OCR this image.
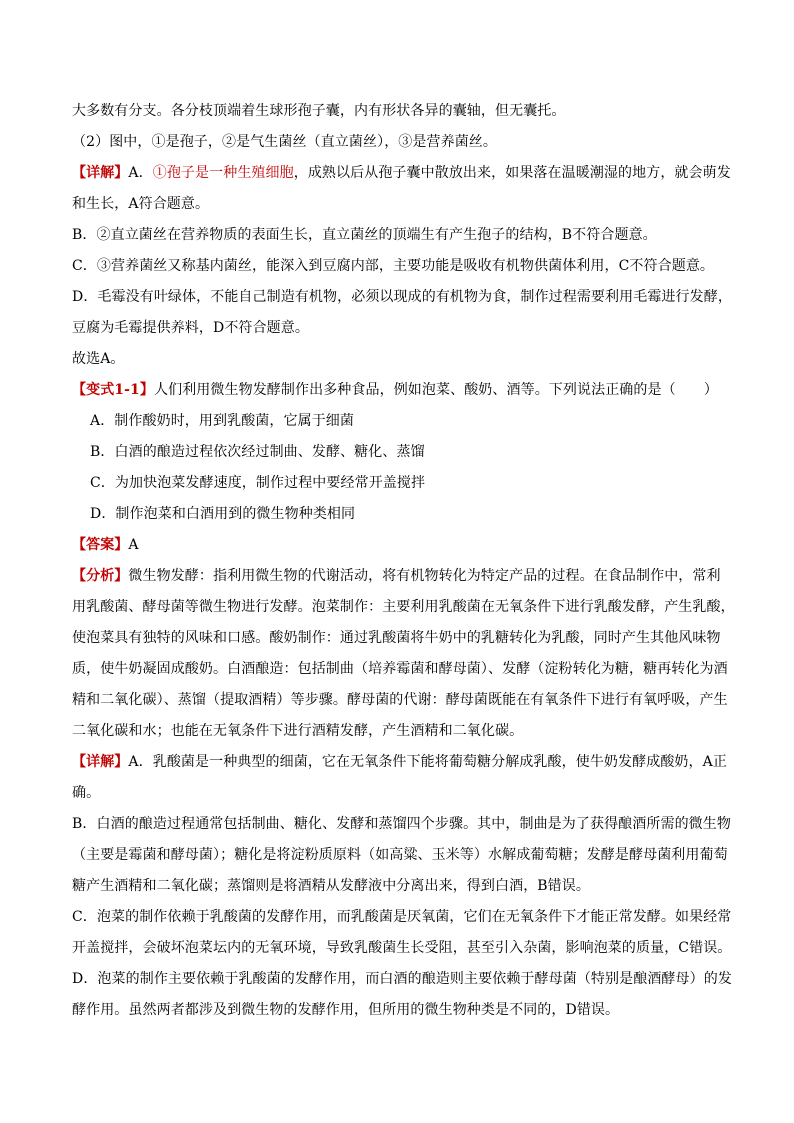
大多数有分支。各分枝顶端着生球形孢子囊，内有形状各异的囊轴，但无囊托。
（2）图中，①是孢子，②是气生菌丝（直立菌丝），③是营养菌丝。
【详解】A．①孢子是一种生殖细胞，成熟以后从孢子囊中散放出来，如果落在温暖潮湿的地方，就会萌发
和生长，A符合题意。
B．②直立菌丝在营养物质的表面生长，直立菌丝的顶端生有产生孢子的结构，B不符合题意。
C．③营养菌丝又称基内菌丝，能深入到豆腐内部，主要功能是吸收有机物供菌体利用，C不符合题意。
D．毛霉没有叶绿体，不能自己制造有机物，必须以现成的有机物为食，制作过程需要利用毛霉进行发酵，
豆腐为毛霉提供养料，D不符合题意。
故选A。
【变式1-1】人们利用微生物发酵制作出多种食品，例如泡菜、酸奶、酒等。下列说法正确的是（　　）
A．制作酸奶时，用到乳酸菌，它属于细菌
B．白酒的酿造过程依次经过制曲、发酵、糖化、蒸馏
C．为加快泡菜发酵速度，制作过程中要经常开盖搅拌
D．制作泡菜和白酒用到的微生物种类相同
【答案】A
【分析】微生物发酵：指利用微生物的代谢活动，将有机物转化为特定产品的过程。在食品制作中，常利
用乳酸菌、酵母菌等微生物进行发酵。泡菜制作：主要利用乳酸菌在无氧条件下进行乳酸发酵，产生乳酸，
使泡菜具有独特的风味和口感。酸奶制作：通过乳酸菌将牛奶中的乳糖转化为乳酸，同时产生其他风味物
质，使牛奶凝固成酸奶。白酒酿造：包括制曲（培养霉菌和酵母菌）、发酵（淀粉转化为糖，糖再转化为酒
精和二氧化碳）、蒸馏（提取酒精）等步骤。酵母菌的代谢：酵母菌既能在有氧条件下进行有氧呼吸，产生
二氧化碳和水；也能在无氧条件下进行酒精发酵，产生酒精和二氧化碳。
【详解】A．乳酸菌是一种典型的细菌，它在无氧条件下能将葡萄糖分解成乳酸，使牛奶发酵成酸奶，A正
确。
B．白酒的酿造过程通常包括制曲、糖化、发酵和蒸馏四个步骤。其中，制曲是为了获得酿酒所需的微生物
（主要是霉菌和酵母菌）；糖化是将淀粉质原料（如高粱、玉米等）水解成葡萄糖；发酵是酵母菌利用葡萄
糖产生酒精和二氧化碳；蒸馏则是将酒精从发酵液中分离出来，得到白酒，B错误。
C．泡菜的制作依赖于乳酸菌的发酵作用，而乳酸菌是厌氧菌，它们在无氧条件下才能正常发酵。如果经常
开盖搅拌，会破坏泡菜坛内的无氧环境，导致乳酸菌生长受阻，甚至引入杂菌，影响泡菜的质量，C错误。
D．泡菜的制作主要依赖于乳酸菌的发酵作用，而白酒的酿造则主要依赖于酵母菌（特别是酿酒酵母）的发
酵作用。虽然两者都涉及到微生物的发酵作用，但所用的微生物种类是不同的，D错误。
